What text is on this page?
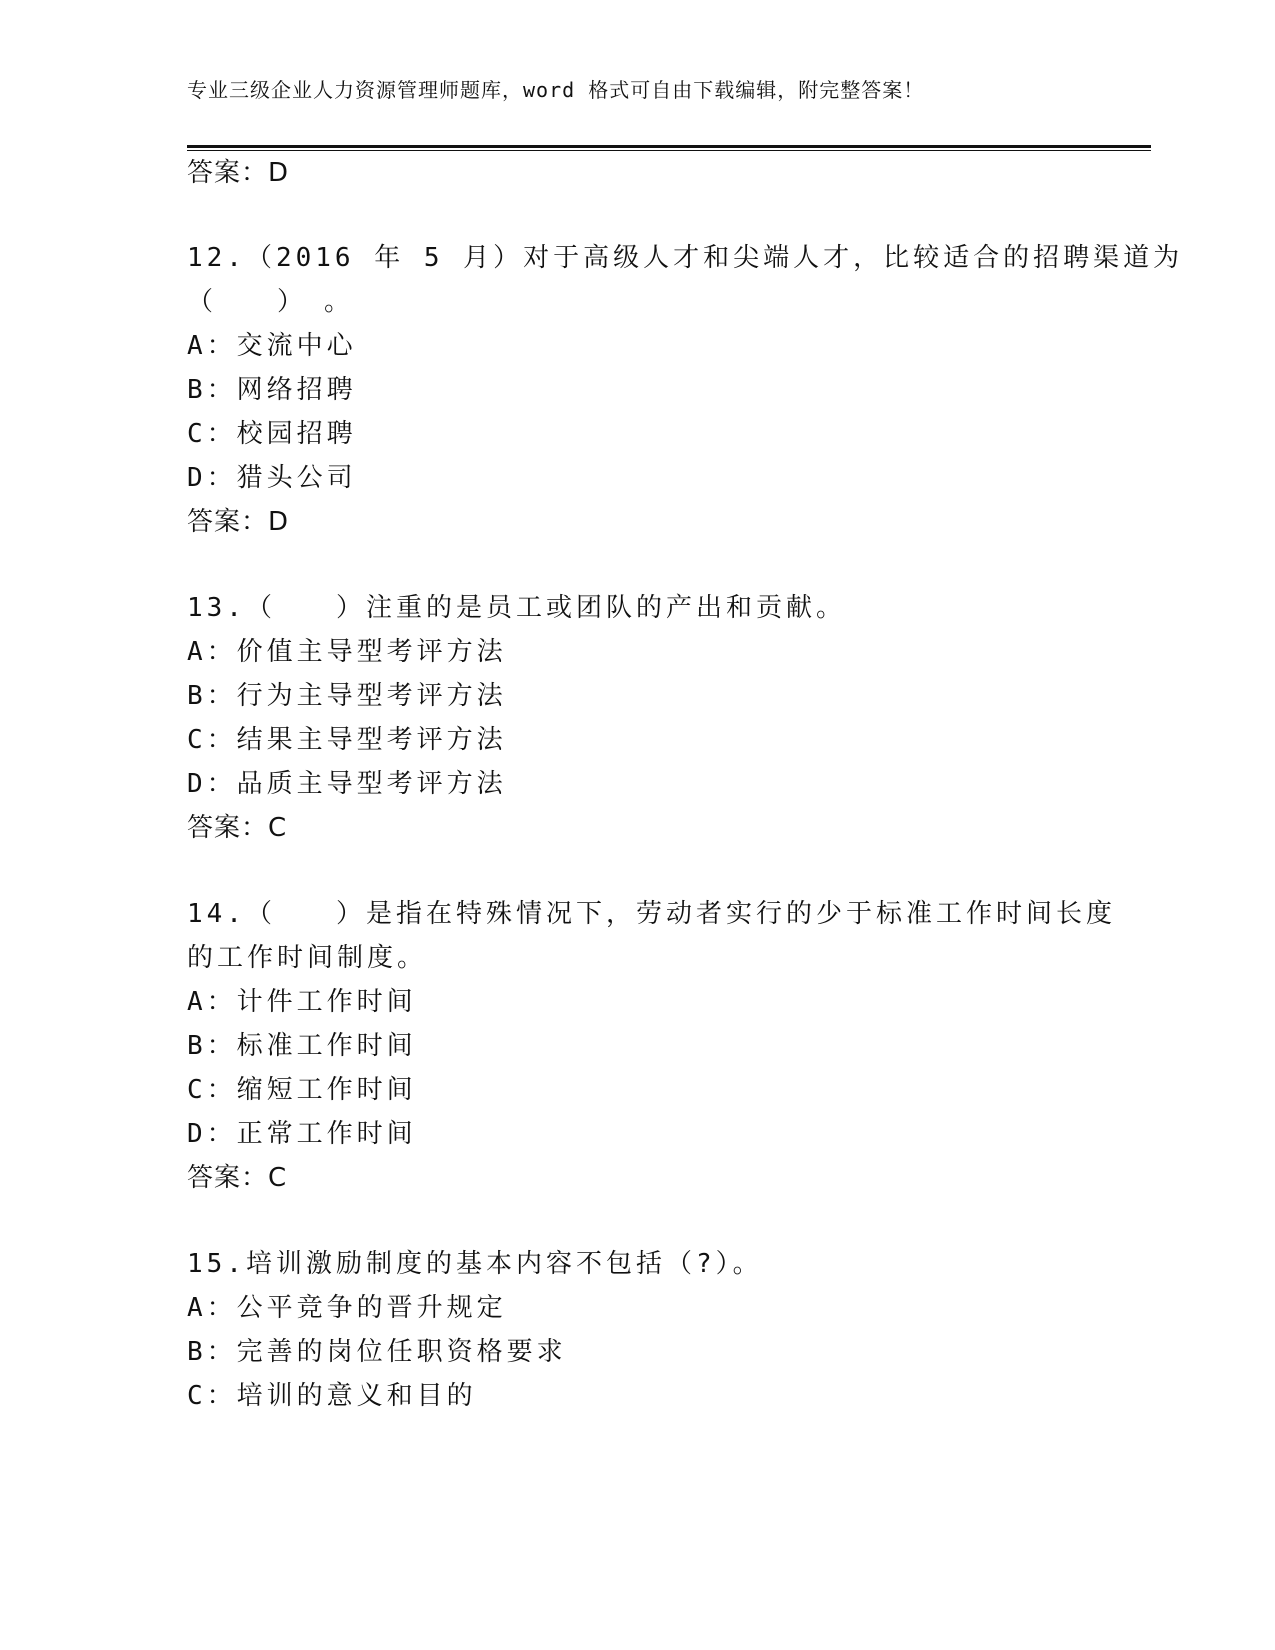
专业三级企业人力资源管理师题库，word 格式可自由下载编辑，附完整答案！
答案：D
12.（2016 年 5 月）对于高级人才和尖端人才，比较适合的招聘渠道为
（　　）　。
A：交流中心
B：网络招聘
C：校园招聘
D：猎头公司
答案：D
13.（　　）注重的是员工或团队的产出和贡献。
A：价值主导型考评方法
B：行为主导型考评方法
C：结果主导型考评方法
D：品质主导型考评方法
答案：C
14.（　　）是指在特殊情况下，劳动者实行的少于标准工作时间长度
的工作时间制度。
A：计件工作时间
B：标准工作时间
C：缩短工作时间
D：正常工作时间
答案：C
15.培训激励制度的基本内容不包括（?）。
A：公平竞争的晋升规定
B：完善的岗位任职资格要求
C：培训的意义和目的
